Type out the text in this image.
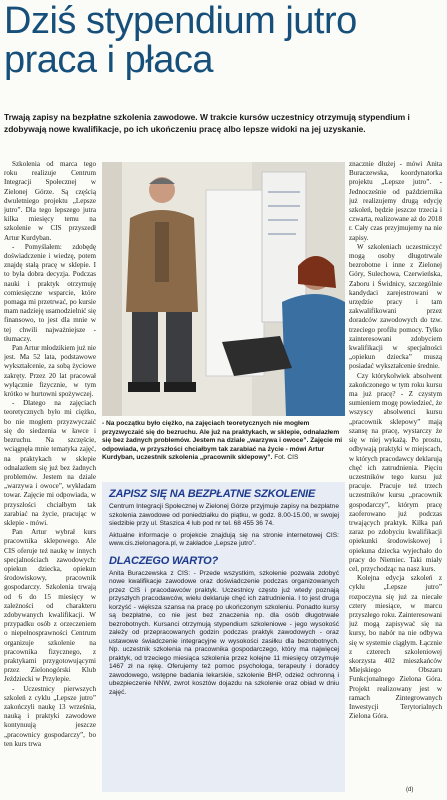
Dziś stypendium jutro praca i płaca

Trwają zapisy na bezpłatne szkolenia zawodowe. W trakcie kursów uczestnicy otrzymują stypendium i zdobywają nowe kwalifikacje, po ich ukończeniu pracę albo lepsze widoki na jej uzyskanie.

Szkolenia od marca tego roku realizuje Centrum Integracji Społecznej w Zielonej Górze. Są częścią dwuletniego projektu „Lepsze jutro”. Dla tego lepszego jutra kilka miesięcy temu na szkolenie w CIS przyszedł Artur Kurdyban.

- Pomyślałem: zdobędę doświadczenie i wiedzę, potem znajdę stałą pracę w sklepie. I to była dobra decyzja. Podczas nauki i praktyk otrzymuję comiesięczne wsparcie, które pomaga mi przetrwać, po kursie mam nadzieję usamodzielnić się finansowo, to jest dla mnie w tej chwili najważniejsze - tłumaczy.

Pan Artur młodzikiem już nie jest. Ma 52 lata, podstawowe wykształcenie, za sobą życiowe zakręty. Przez 20 lat pracował wyłącznie fizycznie, w tym krótko w hurtowni spożywczej.

- Dlatego na zajęciach teoretycznych było mi ciężko, bo nie mogłem przyzwyczaić się do siedzenia w ławce i bezruchu. Na szczęście, wciągnęła mnie tematyka zajęć, na praktykach w sklepie odnalazłem się już bez żadnych problemów. Jestem na dziale „warzywa i owoce”, wykładam towar. Zajęcie mi odpowiada, w przyszłości chciałbym tak zarabiać na życie, pracując w sklepie - mówi.

Pan Artur wybrał kurs pracownika sklepowego. Ale CIS oferuje też naukę w innych specjalnościach zawodowych: opiekun dziecka, opiekun środowiskowy, pracownik gospodarczy. Szkolenia trwają od 6 do 15 miesięcy w zależności od charakteru zdobywanych kwalifikacji. W przypadku osób z orzeczeniem o niepełnosprawności Centrum organizuje szkolenie na pracownika fizycznego, z praktykami przygotowującymi przez Zielonogórski Klub Jeździecki w Przylepie.

- Uczestnicy pierwszych szkoleń z cyklu „Lepsze jutro” zakończyli naukę 13 września, nauką i praktyki zawodowe kontynuują jeszcze „pracownicy gospodarczy”, bo ten kurs trwa

- Na początku było ciężko, na zajęciach teoretycznych nie mogłem przyzwyczaić się do bezruchu. Ale już na praktykach, w sklepie, odnalazłem się bez żadnych problemów. Jestem na dziale „warzywa i owoce”. Zajęcie mi odpowiada, w przyszłości chciałbym tak zarabiać na życie - mówi Artur Kurdyban, uczestnik szkolenia „pracownik sklepowy”. Fot. CIS

ZAPISZ SIĘ NA BEZPŁATNE SZKOLENIE

Centrum Integracji Społecznej w Zielonej Górze przyjmuje zapisy na bezpłatne szkolenia zawodowe od poniedziałku do piątku, w godz. 8.00-15.00, w swojej siedzibie przy ul. Staszica 4 lub pod nr tel. 68 455 36 74.

Aktualne informacje o projekcie znajdują się na stronie internetowej CIS: www.cis.zielonagora.pl, w zakładce „Lepsze jutro”.

DLACZEGO WARTO?

Anita Buraczewska z CIS: - Przede wszystkim, szkolenie pozwala zdobyć nowe kwalifikacje zawodowe oraz doświadczenie podczas organizowanych przez CIS i pracodawców praktyk. Uczestnicy często już wtedy poznają przyszłych pracodawców, wielu deklaruje chęć ich zatrudnienia. I to jest druga korzyść - większa szansa na pracę po ukończonym szkoleniu. Ponadto kursy są bezpłatne, co nie jest bez znaczenia np. dla osób długotrwale bezrobotnych. Kursanci otrzymują stypendium szkoleniowe - jego wysokość zależy od przepracowanych godzin podczas praktyk zawodowych - oraz ustawowe świadczenie integracyjne w wysokości zasiłku dla bezrobotnych. Np. uczestnik szkolenia na pracownika gospodarczego, który ma najwięcej praktyk, od trzeciego miesiąca szkolenia przez kolejne 11 miesięcy otrzymuje 1467 zł na rękę. Oferujemy też pomoc psychologa, terapeuty i doradcy zawodowego, wstępne badania lekarskie, szkolenie BHP, odzież ochronną i ubezpieczenie NNW, zwrot kosztów dojazdu na szkolenie oraz obiad w dniu zajęć.

znacznie dłużej - mówi Anita Buraczewska, koordynatorka projektu „Lepsze jutro”. - Jednocześnie od października już realizujemy drugą edycję szkoleń, będzie jeszcze trzecia i czwarta, realizowane aż do 2018 r. Cały czas przyjmujemy na nie zapisy.

W szkoleniach uczestniczyć mogą osoby długotrwale bezrobotne i inne z Zielonej Góry, Sulechowa, Czerwieńska, Zaboru i Świdnicy, szczególnie kandydaci zarejestrowani w urzędzie pracy i tam zakwalifikowani przez doradców zawodowych do tzw. trzeciego profilu pomocy. Tylko zainteresowani zdobyciem kwalifikacji w specjalności „opiekun dziecka” muszą posiadać wykształcenie średnie.

Czy którykolwiek absolwent zakończonego w tym roku kursu ma już pracę? - Z czystym sumieniem mogę powiedzieć, że wszyscy absolwenci kursu „pracownik sklepowy” mają szansę na pracę, wystarczy że się w niej wykażą. Po prostu, odbywają praktyki w miejscach, w których pracodawcy deklarują chęć ich zatrudnienia. Pięciu uczestników tego kursu już pracuje. Pracuje też trzech uczestników kursu „pracownik gospodarczy”, którym pracę zaoferowano już podczas trwających praktyk. Kilka pań zaraz po zdobyciu kwalifikacji opiekunki środowiskowej i opiekuna dziecka wyjechało do pracy do Niemiec. Taki miały cel, przychodząc na nasz kurs.

Kolejna edycja szkoleń z cyklu „Lepsze jutro” rozpoczyna się już za niecałe cztery miesiące, w marcu przyszłego roku. Zainteresowani już mogą zapisywać się na kursy, bo nabór na nie odbywa się w systemie ciągłym. Łącznie z czterech szkoleniowej skorzysta 402 mieszkańców Miejskiego Obszaru Funkcjonalnego Zielona Góra. Projekt realizowany jest w ramach Zintegrowanych Inwestycji Terytorialnych Zielona Góra.

(d)
